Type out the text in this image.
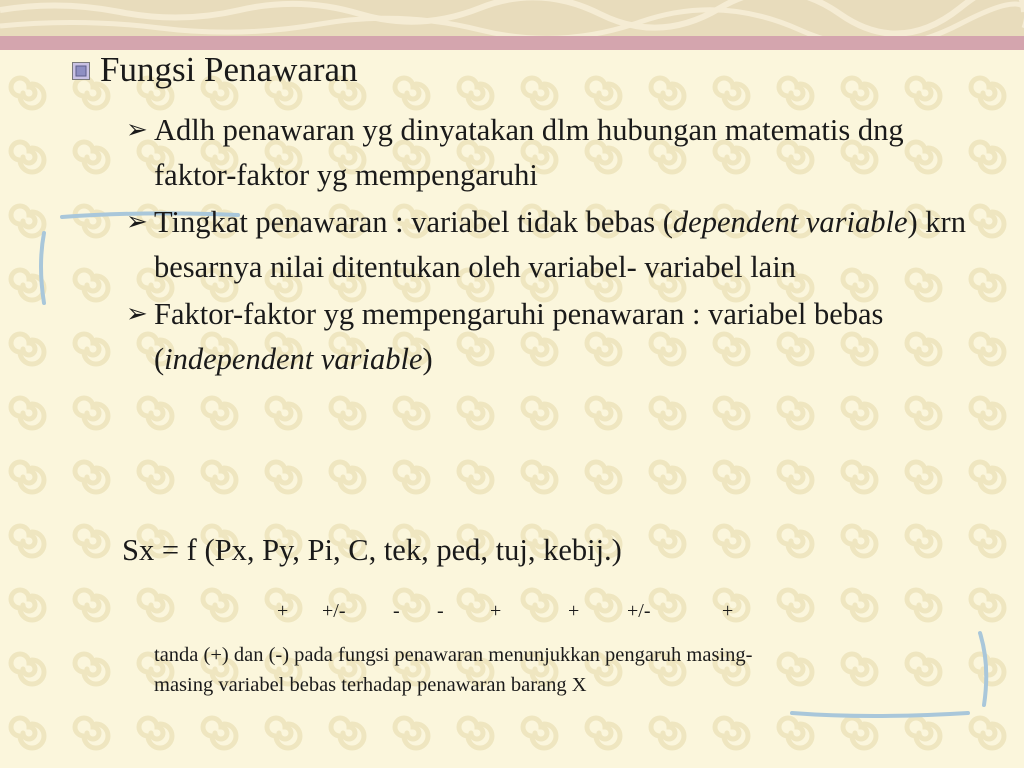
Fungsi Penawaran
➢ Adlh penawaran yg dinyatakan dlm hubungan matematis dng faktor-faktor yg mempengaruhi
➢ Tingkat penawaran : variabel tidak bebas (dependent variable) krn besarnya nilai ditentukan oleh variabel- variabel lain
➢ Faktor-faktor yg mempengaruhi penawaran : variabel bebas (independent variable)
Sx = f (Px, Py, Pi, C, tek, ped, tuj, kebij.)
+ +/- - - +	+ +/-	+
tanda (+) dan (-) pada fungsi penawaran menunjukkan pengaruh masing-
masing variabel bebas terhadap penawaran barang X
